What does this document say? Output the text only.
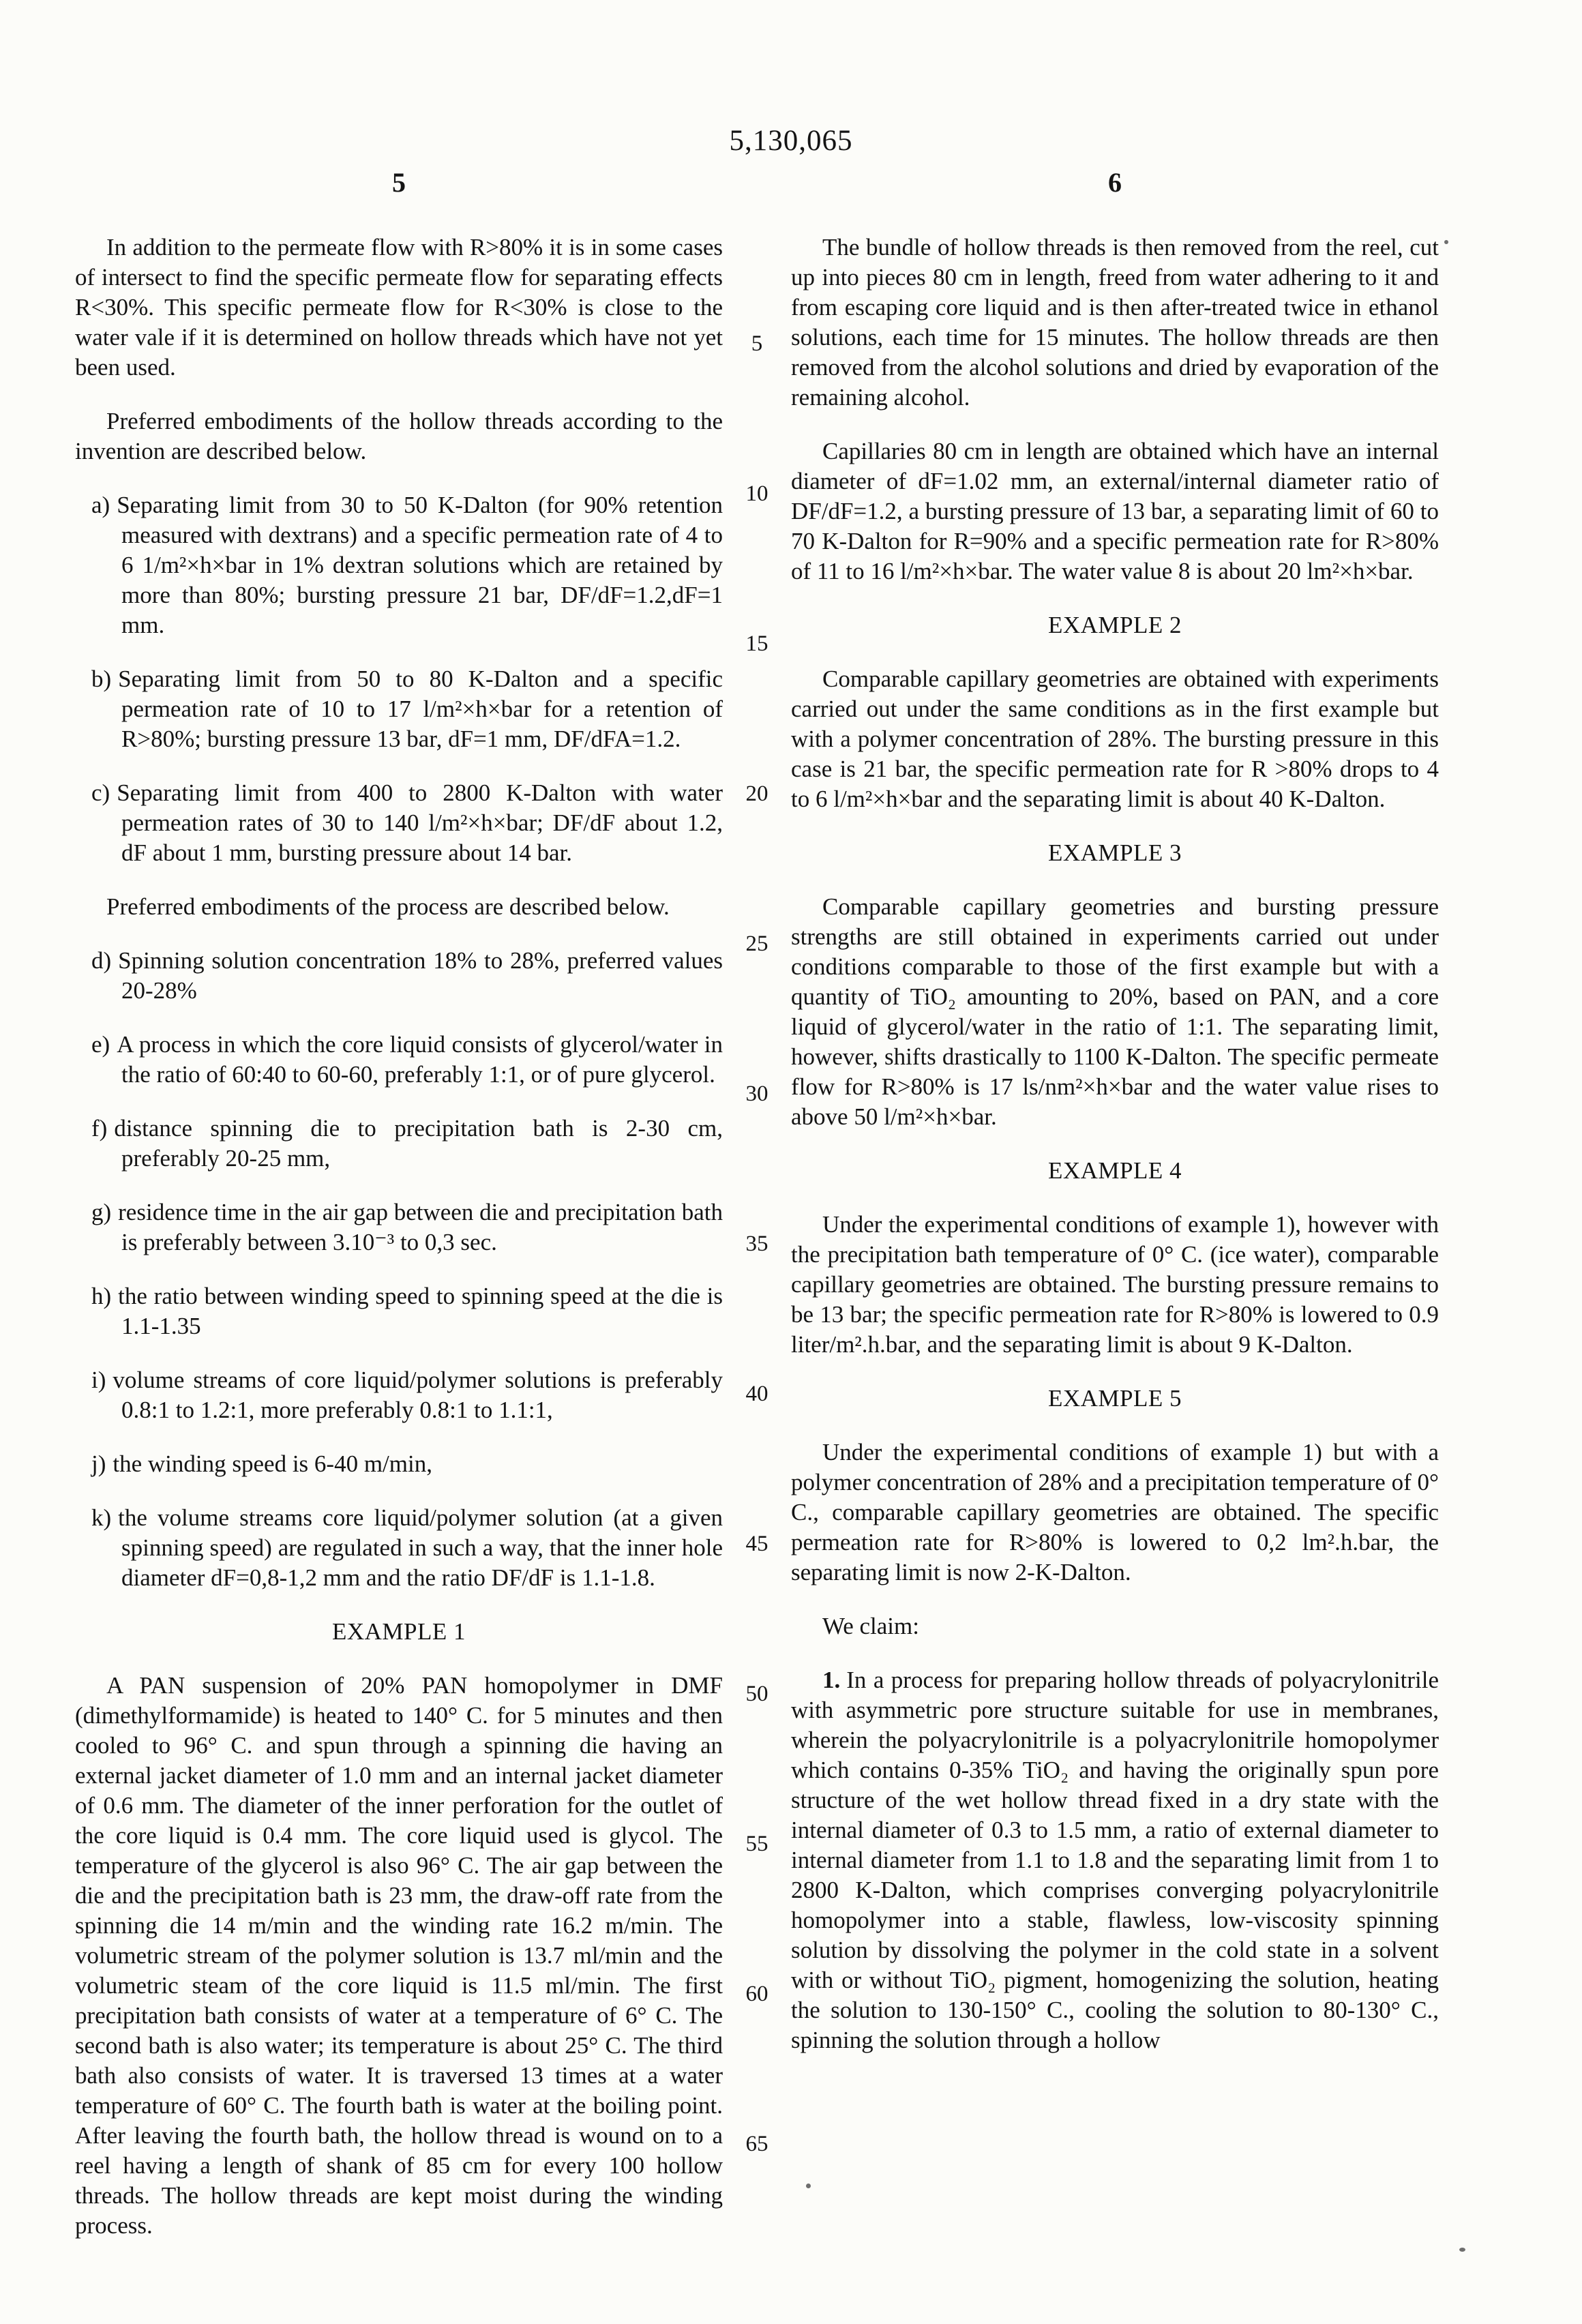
5,130,065
5	6

In addition to the permeate flow with R>80% it is in some cases of intersect to find the specific permeate flow for separating effects R<30%. This specific permeate flow for R<30% is close to the water vale if it is determined on hollow threads which have not yet been used.

Preferred embodiments of the hollow threads according to the invention are described below.

a) Separating limit from 30 to 50 K-Dalton (for 90% retention measured with dextrans) and a specific permeation rate of 4 to 6 1/m²×h×bar in 1% dextran solutions which are retained by more than 80%; bursting pressure 21 bar, DF/dF=1.2,dF=1 mm.

b) Separating limit from 50 to 80 K-Dalton and a specific permeation rate of 10 to 17 l/m²×h×bar for a retention of R>80%; bursting pressure 13 bar, dF=1 mm, DF/dFA=1.2.

c) Separating limit from 400 to 2800 K-Dalton with water permeation rates of 30 to 140 l/m²×h×bar; DF/dF about 1.2, dF about 1 mm, bursting pressure about 14 bar.

Preferred embodiments of the process are described below.

d) Spinning solution concentration 18% to 28%, preferred values 20-28%

e) A process in which the core liquid consists of glycerol/water in the ratio of 60:40 to 60-60, preferably 1:1, or of pure glycerol.

f) distance spinning die to precipitation bath is 2-30 cm, preferably 20-25 mm,

g) residence time in the air gap between die and precipitation bath is preferably between 3.10⁻³ to 0,3 sec.

h) the ratio between winding speed to spinning speed at the die is 1.1-1.35

i) volume streams of core liquid/polymer solutions is preferably 0.8:1 to 1.2:1, more preferably 0.8:1 to 1.1:1,

j) the winding speed is 6-40 m/min,

k) the volume streams core liquid/polymer solution (at a given spinning speed) are regulated in such a way, that the inner hole diameter dF=0,8-1,2 mm and the ratio DF/dF is 1.1-1.8.

EXAMPLE 1

A PAN suspension of 20% PAN homopolymer in DMF (dimethylformamide) is heated to 140° C. for 5 minutes and then cooled to 96° C. and spun through a spinning die having an external jacket diameter of 1.0 mm and an internal jacket diameter of 0.6 mm. The diameter of the inner perforation for the outlet of the core liquid is 0.4 mm. The core liquid used is glycol. The temperature of the glycerol is also 96° C. The air gap between the die and the precipitation bath is 23 mm, the draw-off rate from the spinning die 14 m/min and the winding rate 16.2 m/min. The volumetric stream of the polymer solution is 13.7 ml/min and the volumetric steam of the core liquid is 11.5 ml/min. The first precipitation bath consists of water at a temperature of 6° C. The second bath is also water; its temperature is about 25° C. The third bath also consists of water. It is traversed 13 times at a water temperature of 60° C. The fourth bath is water at the boiling point. After leaving the fourth bath, the hollow thread is wound on to a reel having a length of shank of 85 cm for every 100 hollow threads. The hollow threads are kept moist during the winding process.

5
10
15
20
25
30
35
40
45
50
55
60
65

The bundle of hollow threads is then removed from the reel, cut up into pieces 80 cm in length, freed from water adhering to it and from escaping core liquid and is then after-treated twice in ethanol solutions, each time for 15 minutes. The hollow threads are then removed from the alcohol solutions and dried by evaporation of the remaining alcohol.

Capillaries 80 cm in length are obtained which have an internal diameter of dF=1.02 mm, an external/internal diameter ratio of DF/dF=1.2, a bursting pressure of 13 bar, a separating limit of 60 to 70 K-Dalton for R=90% and a specific permeation rate for R>80% of 11 to 16 l/m²×h×bar. The water value 8 is about 20 lm²×h×bar.

EXAMPLE 2

Comparable capillary geometries are obtained with experiments carried out under the same conditions as in the first example but with a polymer concentration of 28%. The bursting pressure in this case is 21 bar, the specific permeation rate for R >80% drops to 4 to 6 l/m²×h×bar and the separating limit is about 40 K-Dalton.

EXAMPLE 3

Comparable capillary geometries and bursting pressure strengths are still obtained in experiments carried out under conditions comparable to those of the first example but with a quantity of TiO₂ amounting to 20%, based on PAN, and a core liquid of glycerol/water in the ratio of 1:1. The separating limit, however, shifts drastically to 1100 K-Dalton. The specific permeate flow for R>80% is 17 ls/nm²×h×bar and the water value rises to above 50 l/m²×h×bar.

EXAMPLE 4

Under the experimental conditions of example 1), however with the precipitation bath temperature of 0° C. (ice water), comparable capillary geometries are obtained. The bursting pressure remains to be 13 bar; the specific permeation rate for R>80% is lowered to 0.9 liter/m².h.bar, and the separating limit is about 9 K-Dalton.

EXAMPLE 5

Under the experimental conditions of example 1) but with a polymer concentration of 28% and a precipitation temperature of 0° C., comparable capillary geometries are obtained. The specific permeation rate for R>80% is lowered to 0,2 lm².h.bar, the separating limit is now 2-K-Dalton.

We claim:

1. In a process for preparing hollow threads of polyacrylonitrile with asymmetric pore structure suitable for use in membranes, wherein the polyacrylonitrile is a polyacrylonitrile homopolymer which contains 0-35% TiO₂ and having the originally spun pore structure of the wet hollow thread fixed in a dry state with the internal diameter of 0.3 to 1.5 mm, a ratio of external diameter to internal diameter from 1.1 to 1.8 and the separating limit from 1 to 2800 K-Dalton, which comprises converging polyacrylonitrile homopolymer into a stable, flawless, low-viscosity spinning solution by dissolving the polymer in the cold state in a solvent with or without TiO₂ pigment, homogenizing the solution, heating the solution to 130-150° C., cooling the solution to 80-130° C., spinning the solution through a hollow
